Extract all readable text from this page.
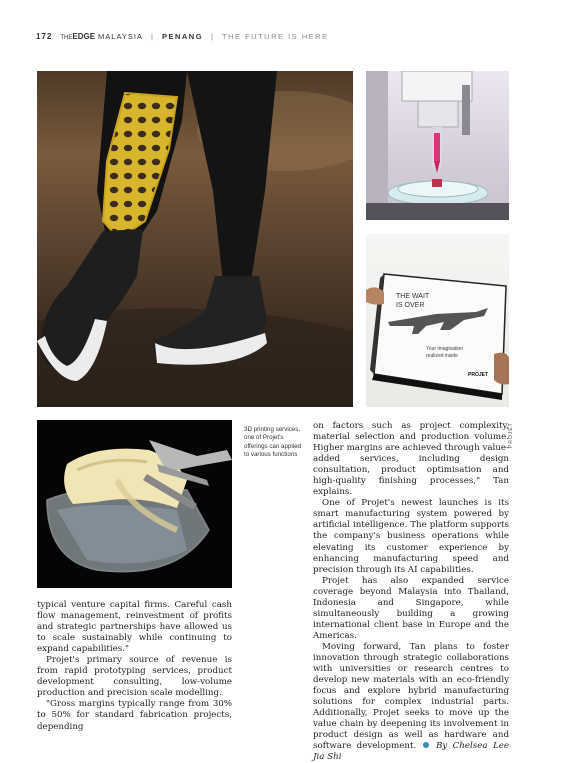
172 THEEDGE MALAYSIA | PENANG | THE FUTURE IS HERE
THE WAIT
IS OVER
Your imagination
realized inside
PROJET
3D printing services, one of Projet's offerings can applied to various functions
PROJET

typical venture capital firms. Careful cash flow management, reinvestment of profits and strategic partnerships have allowed us to scale sustainably while continuing to expand capabilities."

Projet's primary source of revenue is from rapid prototyping services, product development consulting, low-volume production and precision scale modelling.

"Gross margins typically range from 30% to 50% for standard fabrication projects, depending

on factors such as project complexity, material selection and production volume. Higher margins are achieved through value-added services, including design consultation, product optimisation and high-quality finishing processes," Tan explains.

One of Projet's newest launches is its smart manufacturing system powered by artificial intelligence. The platform supports the company's business operations while elevating its customer experience by enhancing manufacturing speed and precision through its AI capabilities.

Projet has also expanded service coverage beyond Malaysia into Thailand, Indonesia and Singapore, while simultaneously building a growing international client base in Europe and the Americas.

Moving forward, Tan plans to foster innovation through strategic collaborations with universities or research centres to develop new materials with an eco-friendly focus and explore hybrid manufacturing solutions for complex industrial parts. Additionally, Projet seeks to move up the value chain by deepening its involvement in product design as well as hardware and software development. By Chelsea Lee Jia Shi
